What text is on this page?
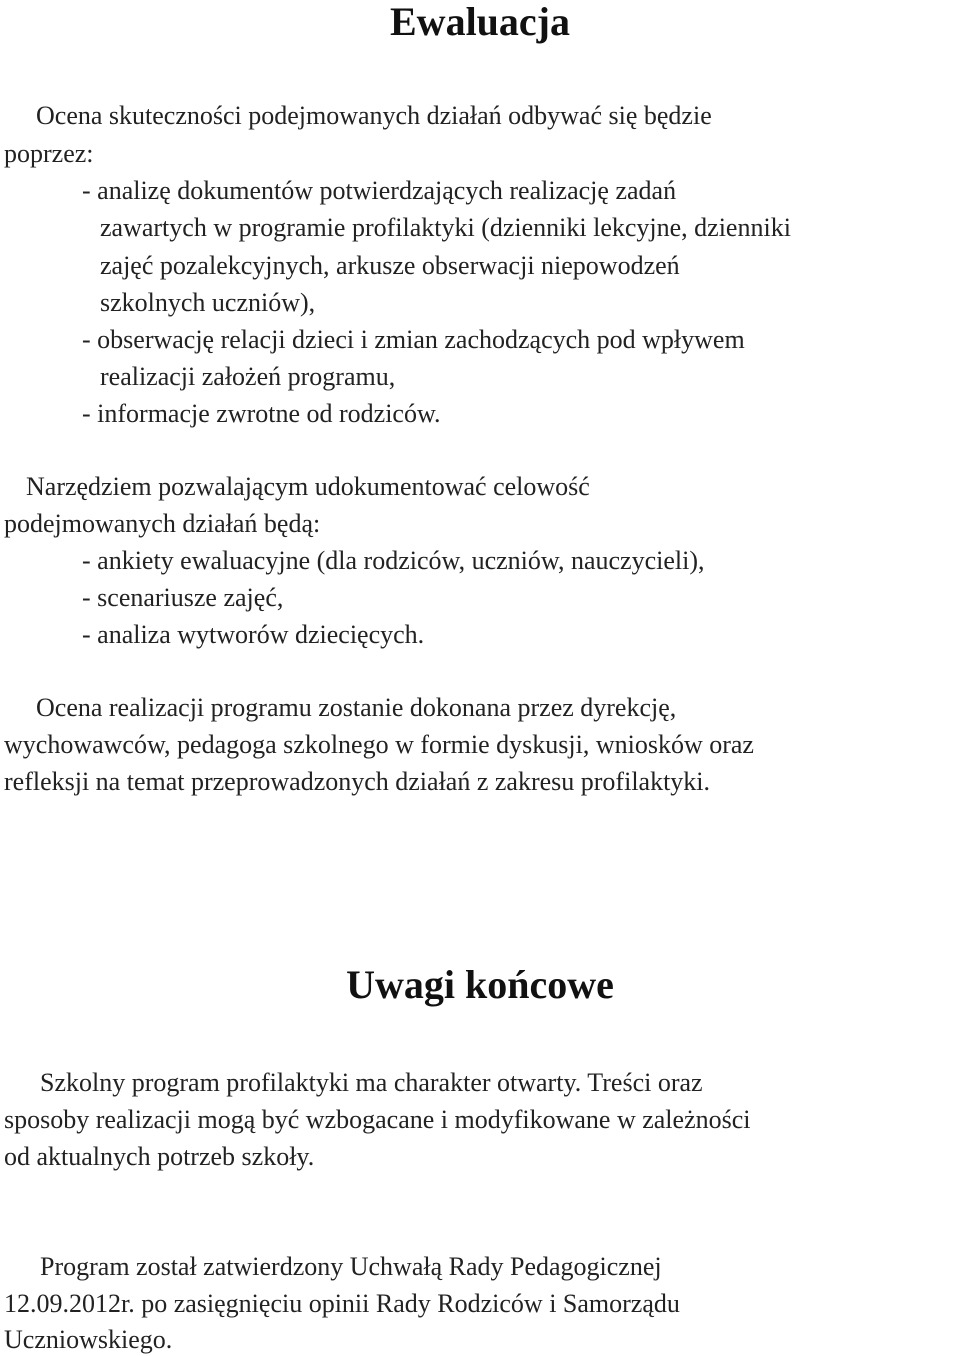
Ewaluacja

Ocena skuteczności podejmowanych działań odbywać się będzie

poprzez:

- analizę dokumentów potwierdzających realizację zadań

zawartych w programie profilaktyki (dzienniki lekcyjne, dzienniki

zajęć pozalekcyjnych, arkusze obserwacji niepowodzeń

szkolnych uczniów),

- obserwację relacji dzieci i zmian zachodzących pod wpływem

realizacji założeń programu,

- informacje zwrotne od rodziców.

Narzędziem pozwalającym udokumentować celowość

podejmowanych działań będą:

- ankiety ewaluacyjne (dla rodziców, uczniów, nauczycieli),

- scenariusze zajęć,

- analiza wytworów dziecięcych.

Ocena realizacji programu zostanie dokonana przez dyrekcję,

wychowawców, pedagoga szkolnego w formie dyskusji, wniosków oraz

refleksji na temat przeprowadzonych działań z zakresu profilaktyki.

Uwagi końcowe

Szkolny program profilaktyki ma charakter otwarty. Treści oraz

sposoby realizacji mogą być wzbogacane i modyfikowane w zależności

od aktualnych potrzeb szkoły.

Program został zatwierdzony Uchwałą Rady Pedagogicznej

12.09.2012r. po zasięgnięciu opinii Rady Rodziców i Samorządu

Uczniowskiego.
